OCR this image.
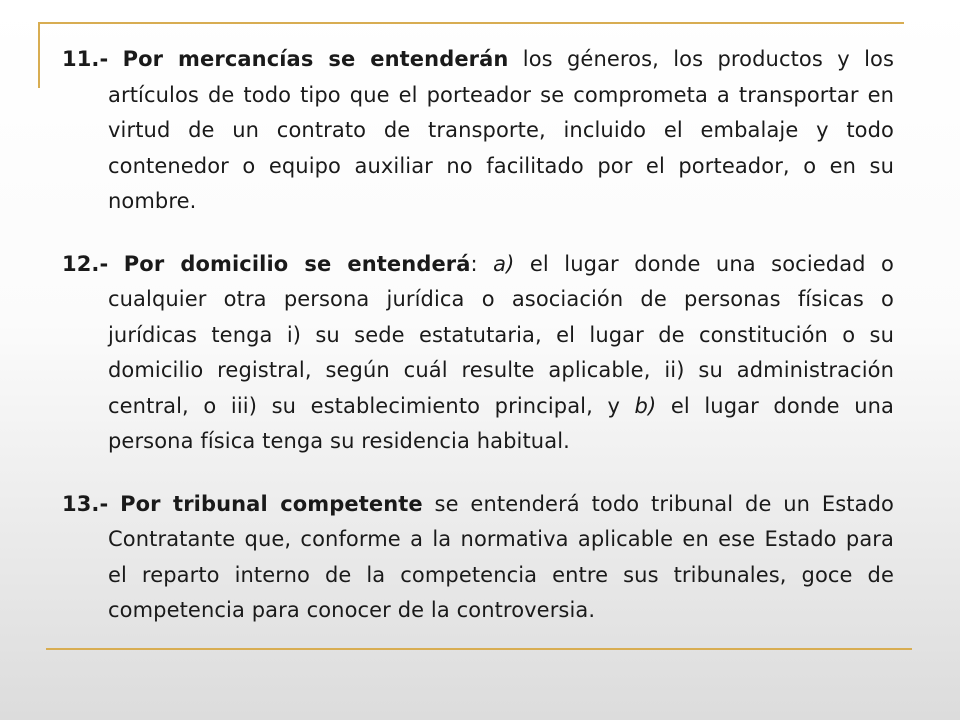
11.- Por mercancías se entenderán los géneros, los productos y los artículos de todo tipo que el porteador se comprometa a transportar en virtud de un contrato de transporte, incluido el embalaje y todo contenedor o equipo auxiliar no facilitado por el porteador, o en su nombre.

12.- Por domicilio se entenderá: a) el lugar donde una sociedad o cualquier otra persona jurídica o asociación de personas físicas o jurídicas tenga i) su sede estatutaria, el lugar de constitución o su domicilio registral, según cuál resulte aplicable, ii) su administración central, o iii) su establecimiento principal, y b) el lugar donde una persona física tenga su residencia habitual.

13.- Por tribunal competente se entenderá todo tribunal de un Estado Contratante que, conforme a la normativa aplicable en ese Estado para el reparto interno de la competencia entre sus tribunales, goce de competencia para conocer de la controversia.
